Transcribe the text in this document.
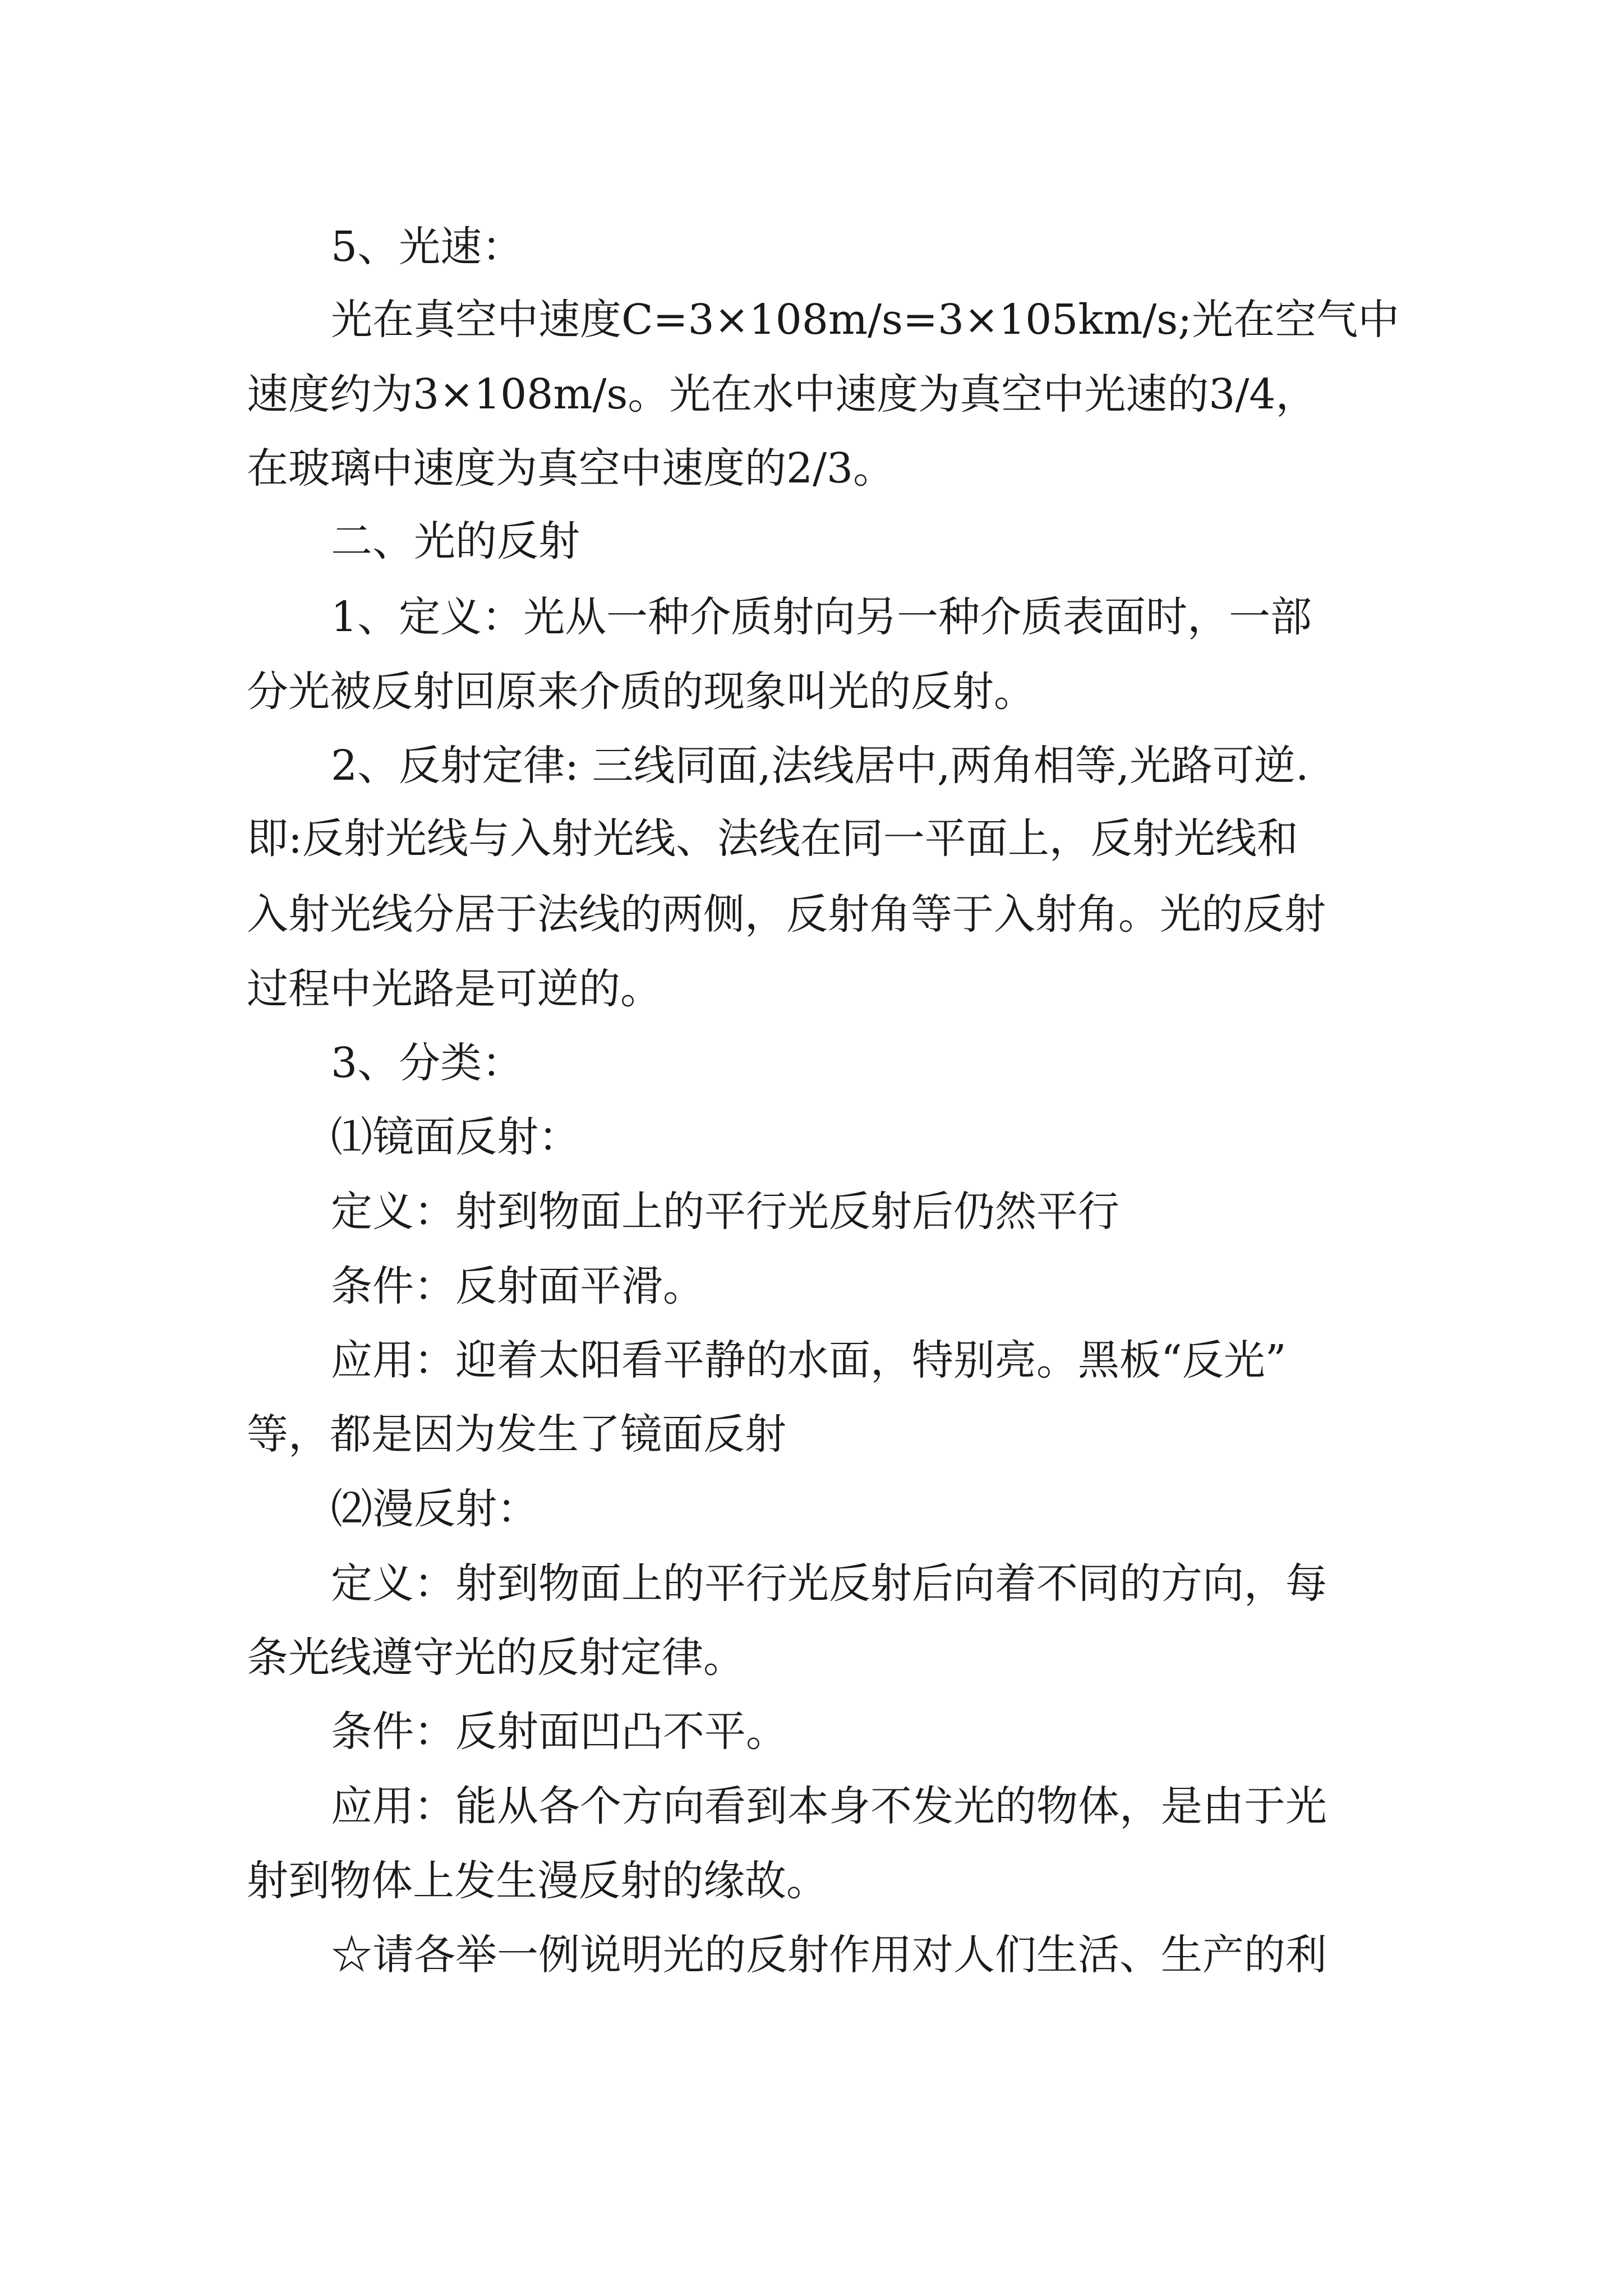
5、光速：
光在真空中速度C=3×108m/s=3×105km/s;光在空气中
速度约为3×108m/s。光在水中速度为真空中光速的3/4，
在玻璃中速度为真空中速度的2/3。
二、光的反射
1、定义：光从一种介质射向另一种介质表面时，一部
分光被反射回原来介质的现象叫光的反射。
2、反射定律: 三线同面,法线居中,两角相等,光路可逆.
即:反射光线与入射光线、法线在同一平面上，反射光线和
入射光线分居于法线的两侧，反射角等于入射角。光的反射
过程中光路是可逆的。
3、分类：
⑴镜面反射：
定义：射到物面上的平行光反射后仍然平行
条件：反射面平滑。
应用：迎着太阳看平静的水面，特别亮。黑板“反光”
等，都是因为发生了镜面反射
⑵漫反射：
定义：射到物面上的平行光反射后向着不同的方向，每
条光线遵守光的反射定律。
条件：反射面凹凸不平。
应用：能从各个方向看到本身不发光的物体，是由于光
射到物体上发生漫反射的缘故。
☆请各举一例说明光的反射作用对人们生活、生产的利
